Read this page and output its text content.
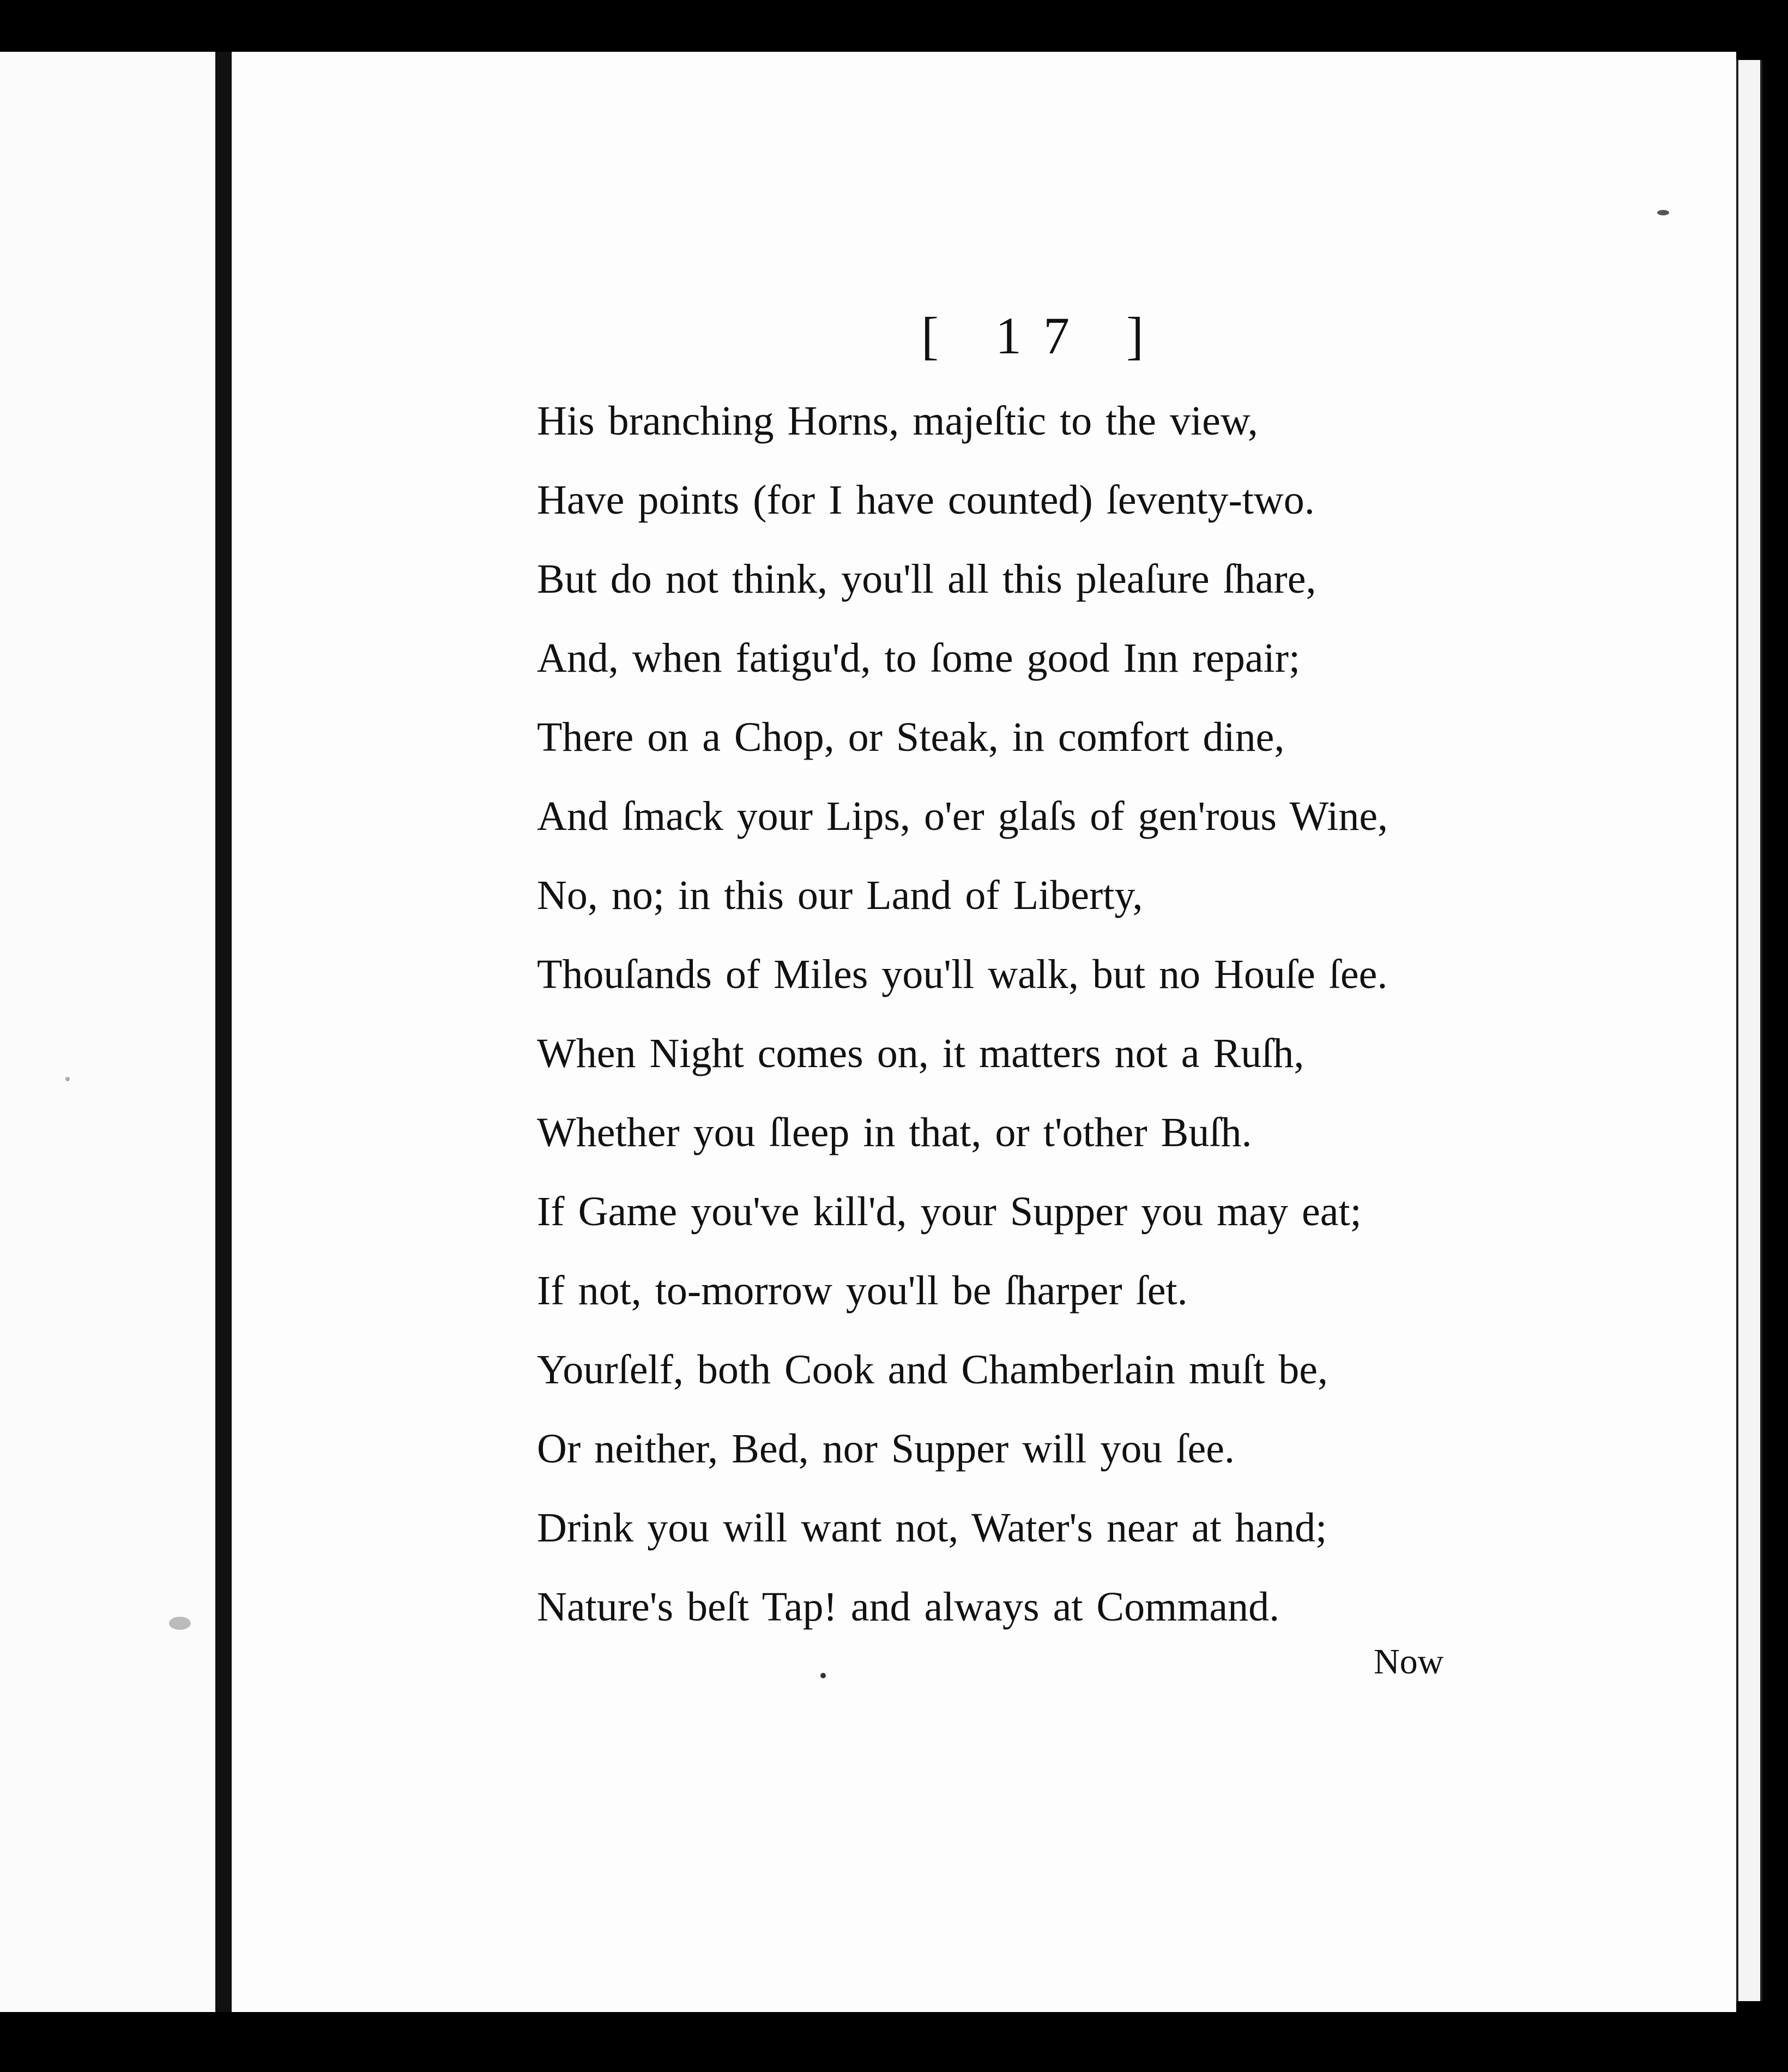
[ 17 ]
His branching Horns, majeſtic to the view,
Have points (for I have counted) ſeventy-two.
But do not think, you'll all this pleaſure ſhare,
And, when fatigu'd, to ſome good Inn repair;
There on a Chop, or Steak, in comfort dine,
And ſmack your Lips, o'er glaſs of gen'rous Wine,
No, no; in this our Land of Liberty,
Thouſands of Miles you'll walk, but no Houſe ſee.
When Night comes on, it matters not a Ruſh,
Whether you ſleep in that, or t'other Buſh.
If Game you've kill'd, your Supper you may eat;
If not, to-morrow you'll be ſharper ſet.
Yourſelf, both Cook and Chamberlain muſt be,
Or neither, Bed, nor Supper will you ſee.
Drink you will want not, Water's near at hand;
Nature's beſt Tap! and always at Command.
Now
